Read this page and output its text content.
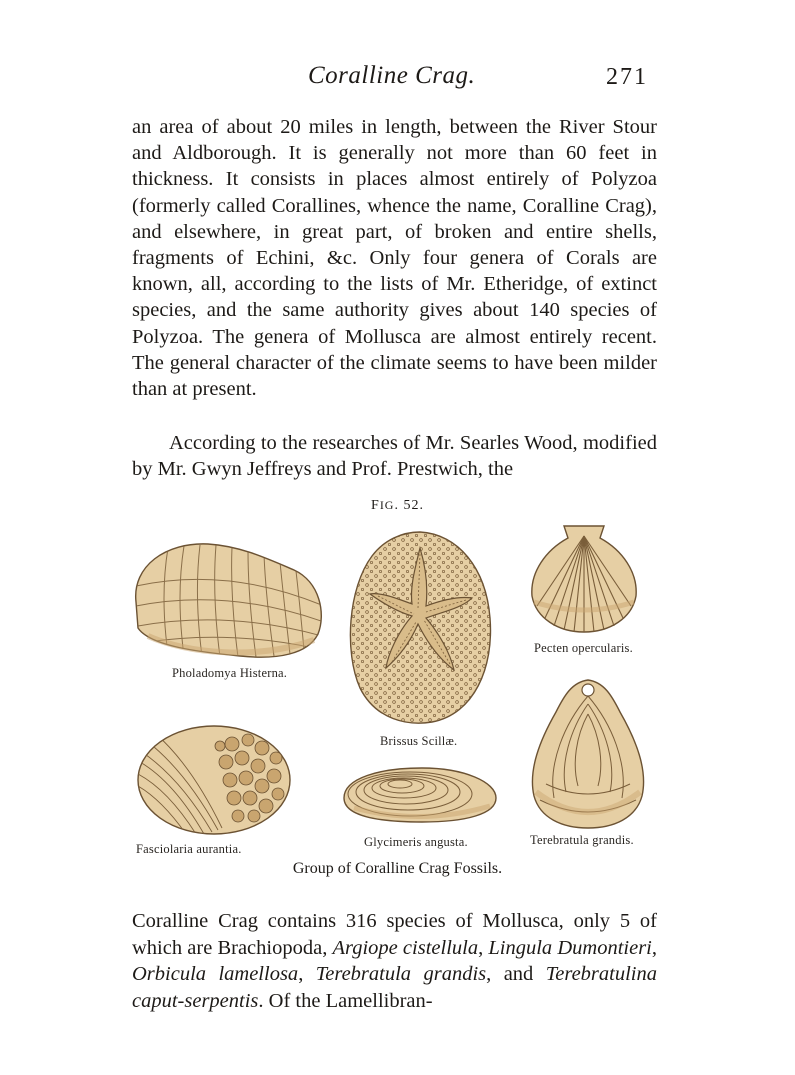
Coralline Crag.	271
an area of about 20 miles in length, between the River Stour and Aldborough. It is generally not more than 60 feet in thickness. It consists in places almost entirely of Polyzoa (formerly called Corallines, whence the name, Coralline Crag), and elsewhere, in great part, of broken and entire shells, fragments of Echini, &c. Only four genera of Corals are known, all, according to the lists of Mr. Etheridge, of extinct species, and the same authority gives about 140 species of Polyzoa. The genera of Mollusca are almost entirely recent. The general character of the climate seems to have been milder than at present.
According to the researches of Mr. Searles Wood, modified by Mr. Gwyn Jeffreys and Prof. Prestwich, the
FIG. 52.
Pholadomya Histerna.
Brissus Scillæ.
Pecten opercularis.
Fasciolaria aurantia.	Glycimeris angusta.	Terebratula grandis.
Group of Coralline Crag Fossils.
Coralline Crag contains 316 species of Mollusca, only 5 of which are Brachiopoda, Argiope cistellula, Lingula Dumontieri, Orbicula lamellosa, Terebratula grandis, and Terebratulina caput-serpentis. Of the Lamellibran-
